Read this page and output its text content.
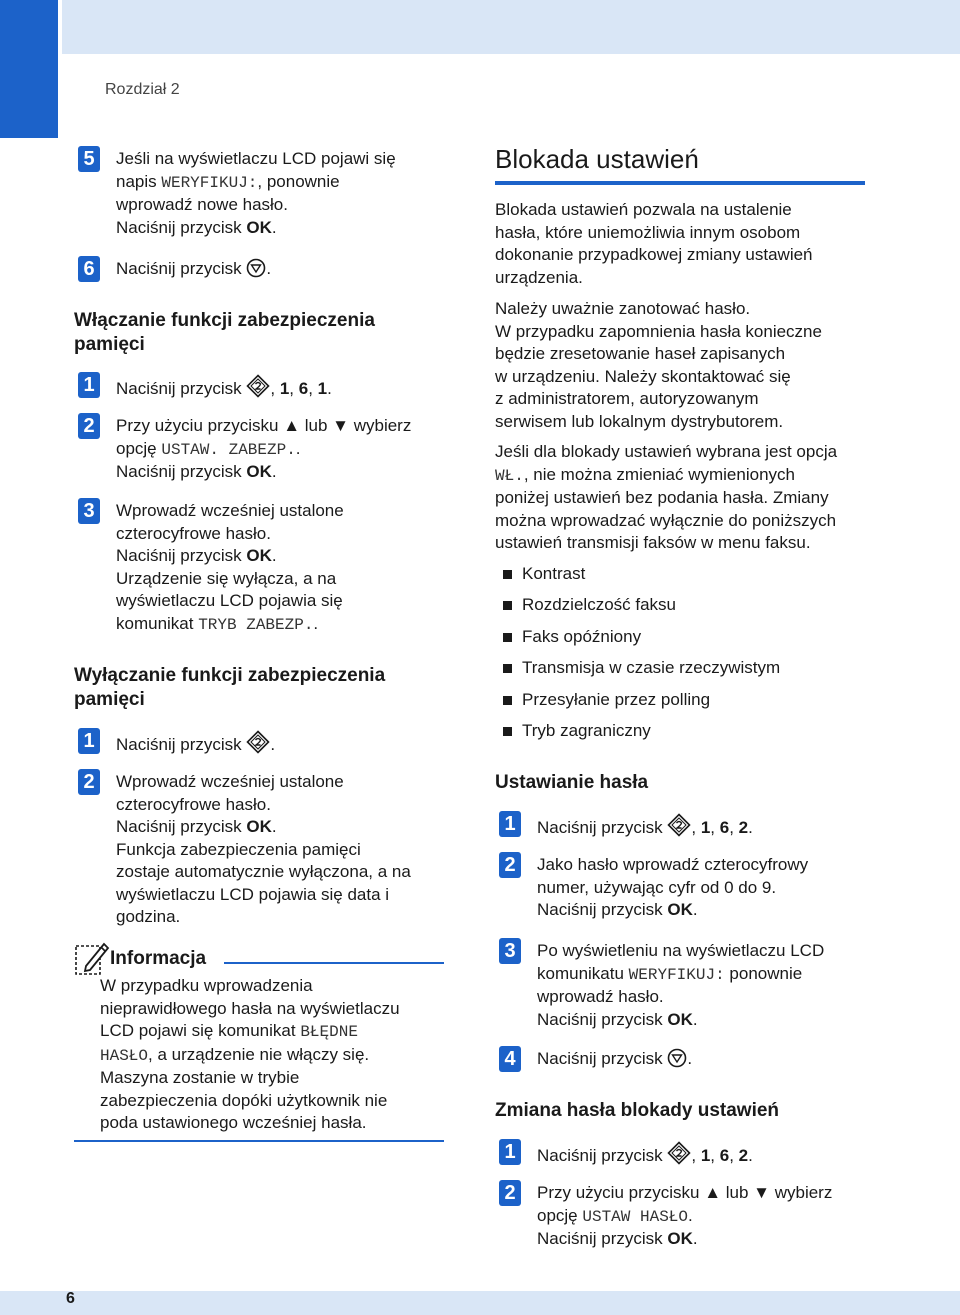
Rozdział 2
6
5	Jeśli na wyświetlaczu LCD pojawi się
napis WERYFIKUJ:, ponownie
wprowadź nowe hasło.
Naciśnij przycisk OK.
6	Naciśnij przycisk .
Włączanie funkcji zabezpieczenia
pamięci
1	Naciśnij przycisk , 1, 6, 1.
2	Przy użyciu przycisku ▲ lub ▼ wybierz
opcję USTAW. ZABEZP..
Naciśnij przycisk OK.
3	Wprowadź wcześniej ustalone
czterocyfrowe hasło.
Naciśnij przycisk OK.
Urządzenie się wyłącza, a na
wyświetlaczu LCD pojawia się
komunikat TRYB ZABEZP..
Wyłączanie funkcji zabezpieczenia
pamięci
1	Naciśnij przycisk .
2	Wprowadź wcześniej ustalone
czterocyfrowe hasło.
Naciśnij przycisk OK.
Funkcja zabezpieczenia pamięci
zostaje automatycznie wyłączona, a na
wyświetlaczu LCD pojawia się data i
godzina.
Informacja
W przypadku wprowadzenia
nieprawidłowego hasła na wyświetlaczu
LCD pojawi się komunikat BŁĘDNE
HASŁO, a urządzenie nie włączy się.
Maszyna zostanie w trybie
zabezpieczenia dopóki użytkownik nie
poda ustawionego wcześniej hasła.
Blokada ustawień
Blokada ustawień pozwala na ustalenie
hasła, które uniemożliwia innym osobom
dokonanie przypadkowej zmiany ustawień
urządzenia.
Należy uważnie zanotować hasło.
W przypadku zapomnienia hasła konieczne
będzie zresetowanie haseł zapisanych
w urządzeniu. Należy skontaktować się
z administratorem, autoryzowanym
serwisem lub lokalnym dystrybutorem.
Jeśli dla blokady ustawień wybrana jest opcja
WŁ., nie można zmieniać wymienionych
poniżej ustawień bez podania hasła. Zmiany
można wprowadzać wyłącznie do poniższych
ustawień transmisji faksów w menu faksu.
Kontrast
Rozdzielczość faksu
Faks opóźniony
Transmisja w czasie rzeczywistym
Przesyłanie przez polling
Tryb zagraniczny
Ustawianie hasła
1	Naciśnij przycisk , 1, 6, 2.
2	Jako hasło wprowadź czterocyfrowy
numer, używając cyfr od 0 do 9.
Naciśnij przycisk OK.
3	Po wyświetleniu na wyświetlaczu LCD
komunikatu WERYFIKUJ: ponownie
wprowadź hasło.
Naciśnij przycisk OK.
4	Naciśnij przycisk .
Zmiana hasła blokady ustawień
1	Naciśnij przycisk , 1, 6, 2.
2	Przy użyciu przycisku ▲ lub ▼ wybierz
opcję USTAW HASŁO.
Naciśnij przycisk OK.
